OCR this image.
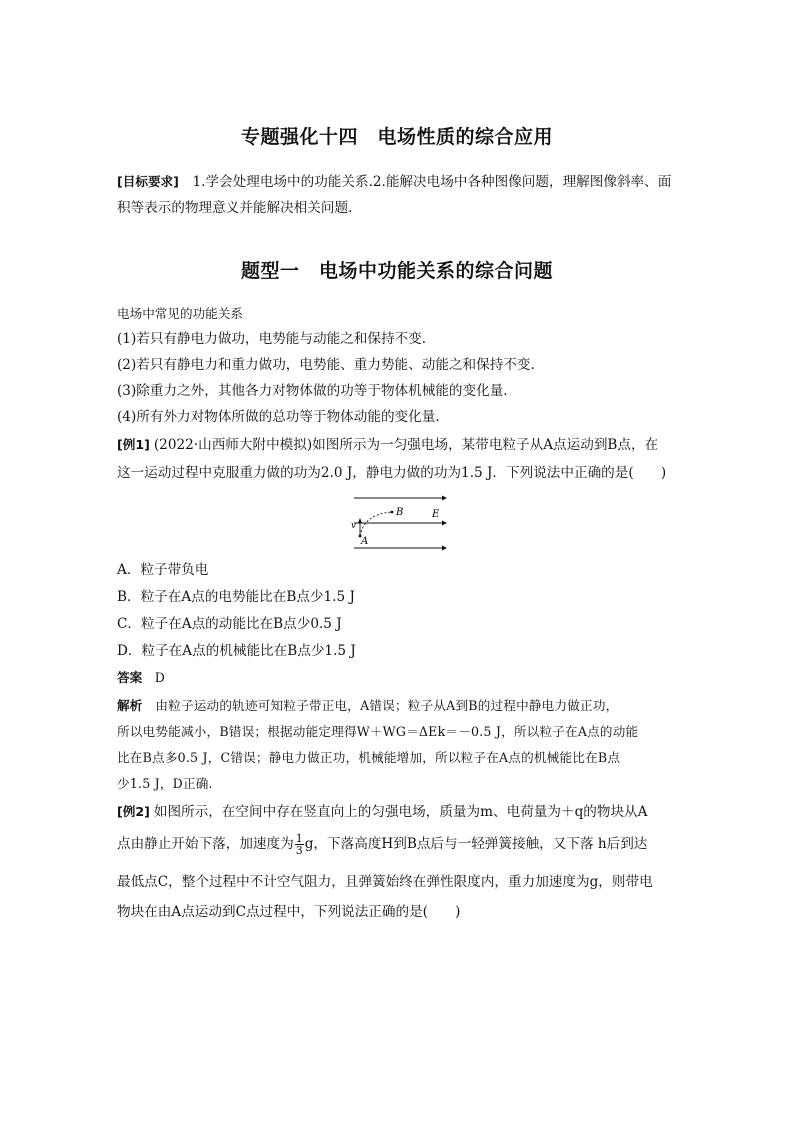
专题强化十四　电场性质的综合应用
[目标要求]　1.学会处理电场中的功能关系.2.能解决电场中各种图像问题，理解图像斜率、面
积等表示的物理意义并能解决相关问题.
题型一　电场中功能关系的综合问题
电场中常见的功能关系
(1)若只有静电力做功，电势能与动能之和保持不变.
(2)若只有静电力和重力做功，电势能、重力势能、动能之和保持不变.
(3)除重力之外，其他各力对物体做的功等于物体机械能的变化量.
(4)所有外力对物体所做的总功等于物体动能的变化量.
[例1] (2022·山西师大附中模拟)如图所示为一匀强电场，某带电粒子从A点运动到B点，在
这一运动过程中克服重力做的功为2.0 J，静电力做的功为1.5 J．下列说法中正确的是(　　)
v
B	E
A
A．粒子带负电
B．粒子在A点的电势能比在B点少1.5 J
C．粒子在A点的动能比在B点少0.5 J
D．粒子在A点的机械能比在B点少1.5 J
答案　 D
解析　由粒子运动的轨迹可知粒子带正电，A错误；粒子从A到B的过程中静电力做正功，
所以电势能减小，B错误；根据动能定理得W＋WG＝ΔEk＝－0.5 J，所以粒子在A点的动能
比在B点多0.5 J，C错误；静电力做正功，机械能增加，所以粒子在A点的机械能比在B点
少1.5 J，D正确.
[例2] 如图所示，在空间中存在竖直向上的匀强电场，质量为m、电荷量为＋q的物块从A
点由静止开始下落，加速度为 $\frac{1}{3}$ g，下落高度H到B点后与一轻弹簧接触，又下落 h后到达
最低点C，整个过程中不计空气阻力，且弹簧始终在弹性限度内，重力加速度为g，则带电
物块在由A点运动到C点过程中，下列说法正确的是(　　)
